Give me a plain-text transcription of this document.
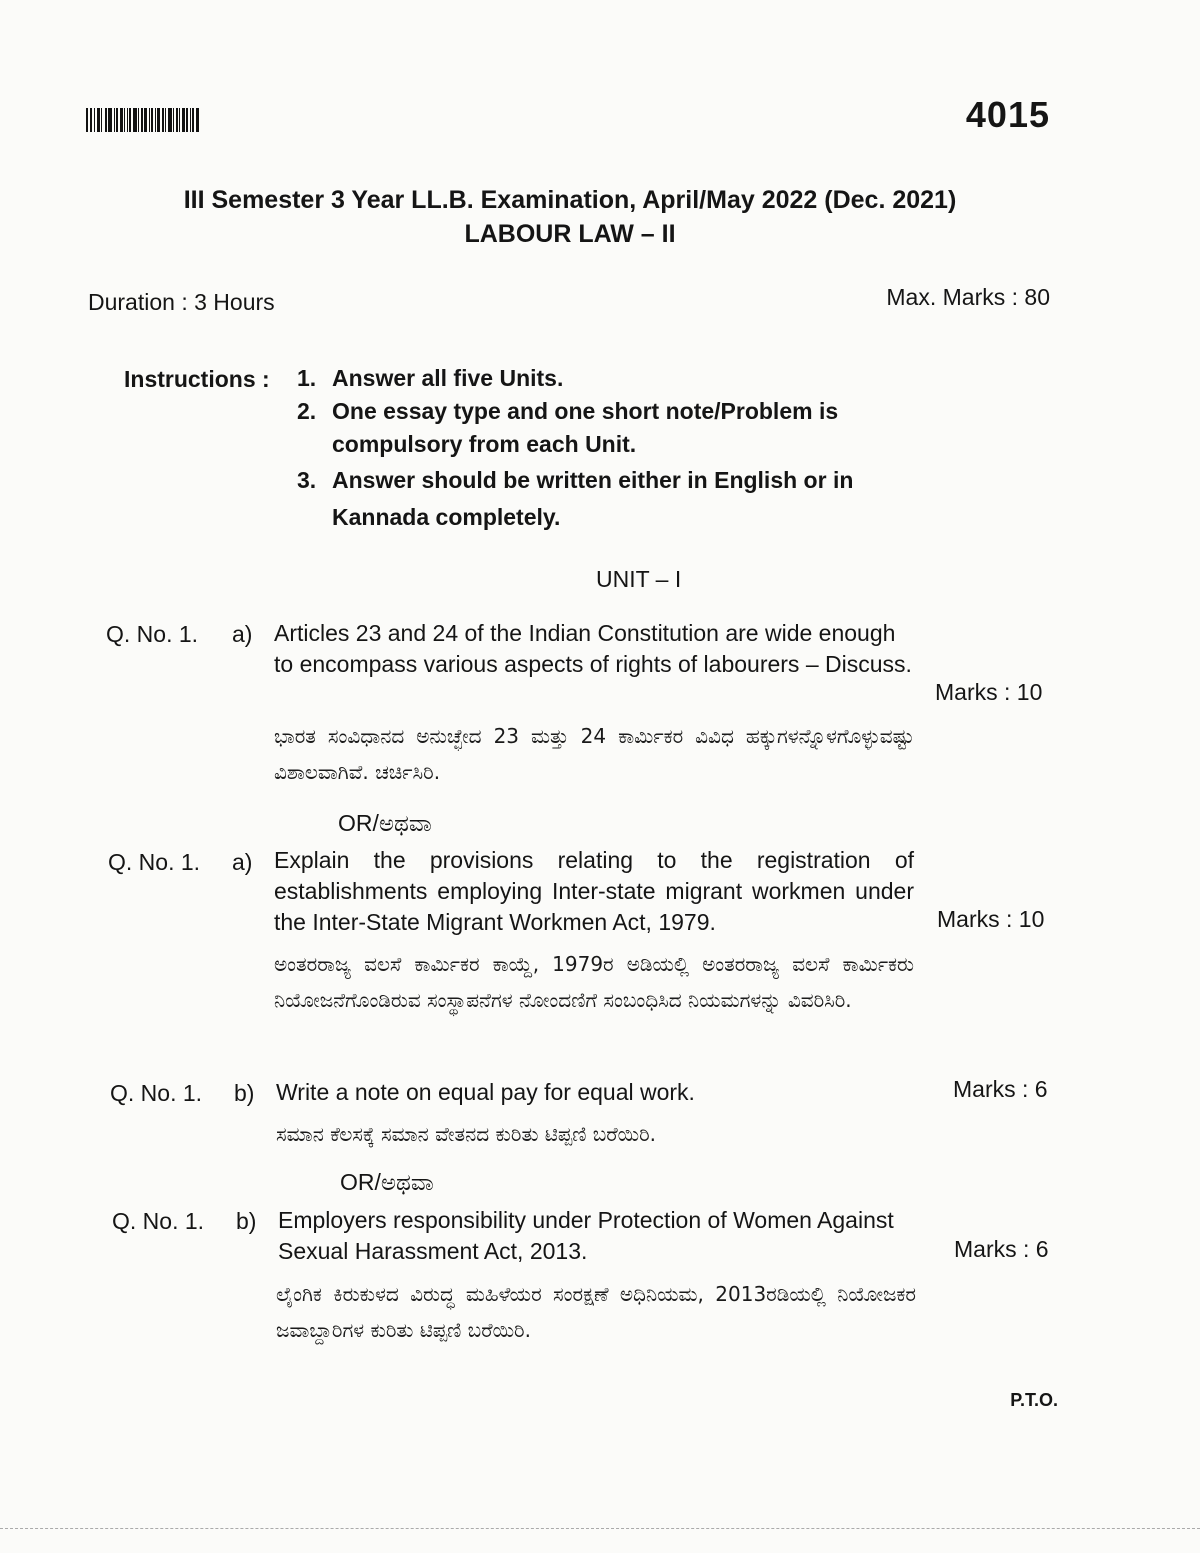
4015
III Semester 3 Year LL.B. Examination, April/May 2022 (Dec. 2021)
LABOUR LAW – II
Duration : 3 Hours	Max. Marks : 80
Instructions : 1. Answer all five Units.
2. One essay type and one short note/Problem is compulsory from each Unit.
3. Answer should be written either in English or in Kannada completely.
UNIT – I
Q. No. 1. a) Articles 23 and 24 of the Indian Constitution are wide enough to encompass various aspects of rights of labourers – Discuss.
Marks : 10
ಭಾರತ ಸಂವಿಧಾನದ ಅನುಚ್ಛೇದ 23 ಮತ್ತು 24 ಕಾರ್ಮಿಕರ ವಿವಿಧ ಹಕ್ಕುಗಳನ್ನೊಳಗೊಳ್ಳುವಷ್ಟು ವಿಶಾಲವಾಗಿವೆ. ಚರ್ಚಿಸಿರಿ.
OR/ಅಥವಾ
Q. No. 1. a) Explain the provisions relating to the registration of establishments employing Inter-state migrant workmen under the Inter-State Migrant Workmen Act, 1979.	Marks : 10
ಅಂತರರಾಜ್ಯ ವಲಸೆ ಕಾರ್ಮಿಕರ ಕಾಯ್ದೆ, 1979ರ ಅಡಿಯಲ್ಲಿ ಅಂತರರಾಜ್ಯ ವಲಸೆ ಕಾರ್ಮಿಕರು ನಿಯೋಜನೆಗೊಂಡಿರುವ ಸಂಸ್ಥಾಪನೆಗಳ ನೋಂದಣಿಗೆ ಸಂಬಂಧಿಸಿದ ನಿಯಮಗಳನ್ನು ವಿವರಿಸಿರಿ.
Q. No. 1. b) Write a note on equal pay for equal work.	Marks : 6
ಸಮಾನ ಕೆಲಸಕ್ಕೆ ಸಮಾನ ವೇತನದ ಕುರಿತು ಟಿಪ್ಪಣಿ ಬರೆಯಿರಿ.
OR/ಅಥವಾ
Q. No. 1. b) Employers responsibility under Protection of Women Against Sexual Harassment Act, 2013.	Marks : 6
ಲೈಂಗಿಕ ಕಿರುಕುಳದ ವಿರುದ್ಧ ಮಹಿಳೆಯರ ಸಂರಕ್ಷಣೆ ಅಧಿನಿಯಮ, 2013ರಡಿಯಲ್ಲಿ ನಿಯೋಜಕರ ಜವಾಬ್ದಾರಿಗಳ ಕುರಿತು ಟಿಪ್ಪಣಿ ಬರೆಯಿರಿ.
P.T.O.
